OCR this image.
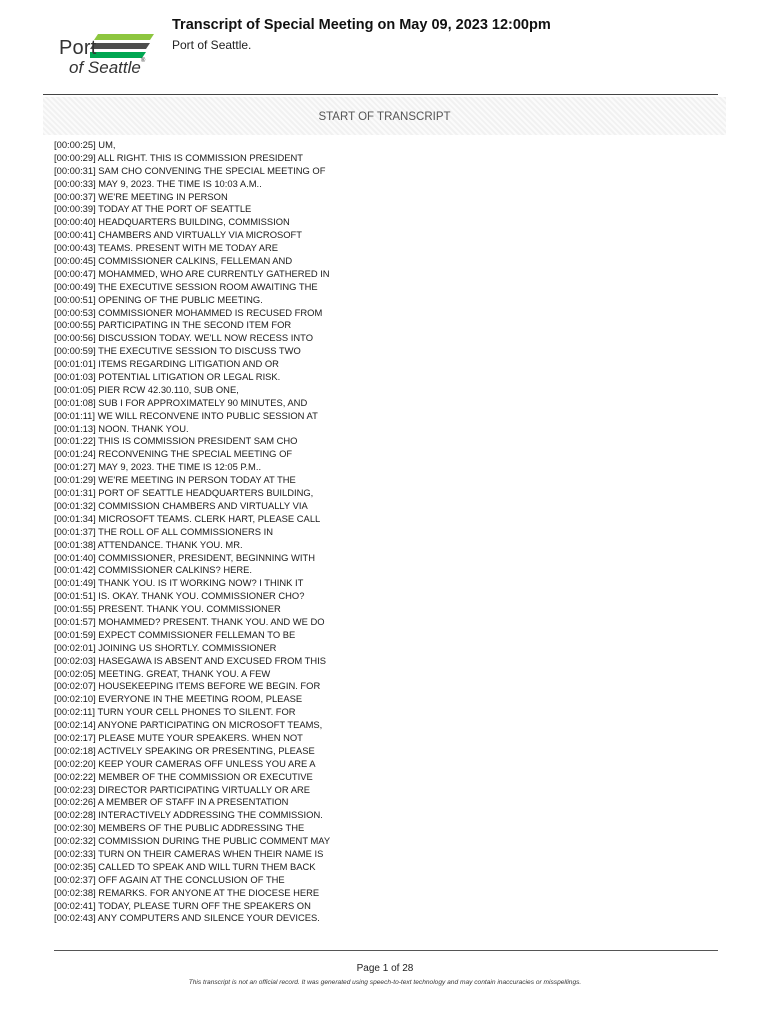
Port
of Seattle®
Transcript of Special Meeting on May 09, 2023 12:00pm
Port of Seattle.
START OF TRANSCRIPT
[00:00:25] UM,
[00:00:29] ALL RIGHT. THIS IS COMMISSION PRESIDENT
[00:00:31] SAM CHO CONVENING THE SPECIAL MEETING OF
[00:00:33] MAY 9, 2023. THE TIME IS 10:03 A.M..
[00:00:37] WE'RE MEETING IN PERSON
[00:00:39] TODAY AT THE PORT OF SEATTLE
[00:00:40] HEADQUARTERS BUILDING, COMMISSION
[00:00:41] CHAMBERS AND VIRTUALLY VIA MICROSOFT
[00:00:43] TEAMS. PRESENT WITH ME TODAY ARE
[00:00:45] COMMISSIONER CALKINS, FELLEMAN AND
[00:00:47] MOHAMMED, WHO ARE CURRENTLY GATHERED IN
[00:00:49] THE EXECUTIVE SESSION ROOM AWAITING THE
[00:00:51] OPENING OF THE PUBLIC MEETING.
[00:00:53] COMMISSIONER MOHAMMED IS RECUSED FROM
[00:00:55] PARTICIPATING IN THE SECOND ITEM FOR
[00:00:56] DISCUSSION TODAY. WE'LL NOW RECESS INTO
[00:00:59] THE EXECUTIVE SESSION TO DISCUSS TWO
[00:01:01] ITEMS REGARDING LITIGATION AND OR
[00:01:03] POTENTIAL LITIGATION OR LEGAL RISK.
[00:01:05] PIER RCW 42.30.110, SUB ONE,
[00:01:08] SUB I FOR APPROXIMATELY 90 MINUTES, AND
[00:01:11] WE WILL RECONVENE INTO PUBLIC SESSION AT
[00:01:13] NOON. THANK YOU.
[00:01:22] THIS IS COMMISSION PRESIDENT SAM CHO
[00:01:24] RECONVENING THE SPECIAL MEETING OF
[00:01:27] MAY 9, 2023. THE TIME IS 12:05 P.M..
[00:01:29] WE'RE MEETING IN PERSON TODAY AT THE
[00:01:31] PORT OF SEATTLE HEADQUARTERS BUILDING,
[00:01:32] COMMISSION CHAMBERS AND VIRTUALLY VIA
[00:01:34] MICROSOFT TEAMS. CLERK HART, PLEASE CALL
[00:01:37] THE ROLL OF ALL COMMISSIONERS IN
[00:01:38] ATTENDANCE. THANK YOU. MR.
[00:01:40] COMMISSIONER, PRESIDENT, BEGINNING WITH
[00:01:42] COMMISSIONER CALKINS? HERE.
[00:01:49] THANK YOU. IS IT WORKING NOW? I THINK IT
[00:01:51] IS. OKAY. THANK YOU. COMMISSIONER CHO?
[00:01:55] PRESENT. THANK YOU. COMMISSIONER
[00:01:57] MOHAMMED? PRESENT. THANK YOU. AND WE DO
[00:01:59] EXPECT COMMISSIONER FELLEMAN TO BE
[00:02:01] JOINING US SHORTLY. COMMISSIONER
[00:02:03] HASEGAWA IS ABSENT AND EXCUSED FROM THIS
[00:02:05] MEETING. GREAT, THANK YOU. A FEW
[00:02:07] HOUSEKEEPING ITEMS BEFORE WE BEGIN. FOR
[00:02:10] EVERYONE IN THE MEETING ROOM, PLEASE
[00:02:11] TURN YOUR CELL PHONES TO SILENT. FOR
[00:02:14] ANYONE PARTICIPATING ON MICROSOFT TEAMS,
[00:02:17] PLEASE MUTE YOUR SPEAKERS. WHEN NOT
[00:02:18] ACTIVELY SPEAKING OR PRESENTING, PLEASE
[00:02:20] KEEP YOUR CAMERAS OFF UNLESS YOU ARE A
[00:02:22] MEMBER OF THE COMMISSION OR EXECUTIVE
[00:02:23] DIRECTOR PARTICIPATING VIRTUALLY OR ARE
[00:02:26] A MEMBER OF STAFF IN A PRESENTATION
[00:02:28] INTERACTIVELY ADDRESSING THE COMMISSION.
[00:02:30] MEMBERS OF THE PUBLIC ADDRESSING THE
[00:02:32] COMMISSION DURING THE PUBLIC COMMENT MAY
[00:02:33] TURN ON THEIR CAMERAS WHEN THEIR NAME IS
[00:02:35] CALLED TO SPEAK AND WILL TURN THEM BACK
[00:02:37] OFF AGAIN AT THE CONCLUSION OF THE
[00:02:38] REMARKS. FOR ANYONE AT THE DIOCESE HERE
[00:02:41] TODAY, PLEASE TURN OFF THE SPEAKERS ON
[00:02:43] ANY COMPUTERS AND SILENCE YOUR DEVICES.
Page 1 of 28
This transcript is not an official record. It was generated using speech-to-text technology and may contain inaccuracies or misspellings.
